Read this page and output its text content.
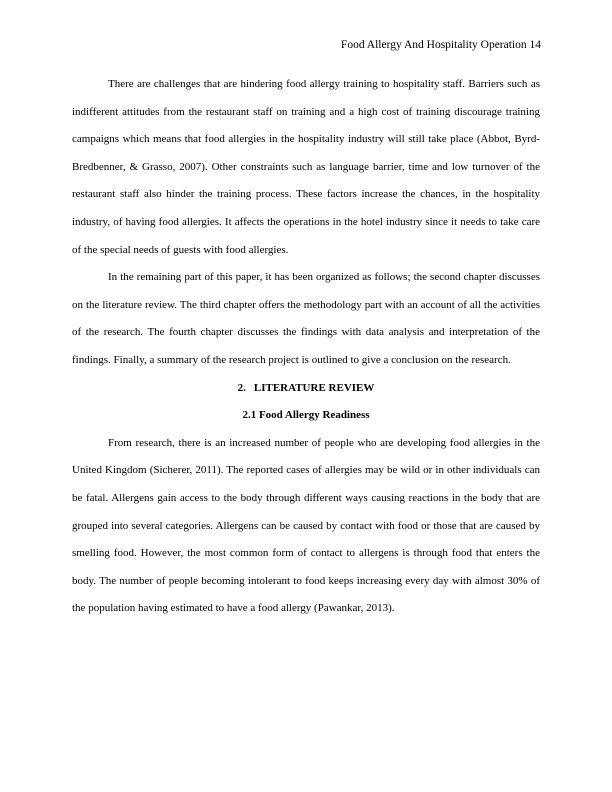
Food Allergy And Hospitality Operation 14

There are challenges that are hindering food allergy training to hospitality staff. Barriers such as indifferent attitudes from the restaurant staff on training and a high cost of training discourage training campaigns which means that food allergies in the hospitality industry will still take place (Abbot, Byrd-Bredbenner, & Grasso, 2007). Other constraints such as language barrier, time and low turnover of the restaurant staff also hinder the training process. These factors increase the chances, in the hospitality industry, of having food allergies. It affects the operations in the hotel industry since it needs to take care of the special needs of guests with food allergies.

In the remaining part of this paper, it has been organized as follows; the second chapter discusses on the literature review. The third chapter offers the methodology part with an account of all the activities of the research. The fourth chapter discusses the findings with data analysis and interpretation of the findings. Finally, a summary of the research project is outlined to give a conclusion on the research.

2. LITERATURE REVIEW
2.1 Food Allergy Readiness

From research, there is an increased number of people who are developing food allergies in the United Kingdom (Sicherer, 2011). The reported cases of allergies may be wild or in other individuals can be fatal. Allergens gain access to the body through different ways causing reactions in the body that are grouped into several categories. Allergens can be caused by contact with food or those that are caused by smelling food. However, the most common form of contact to allergens is through food that enters the body. The number of people becoming intolerant to food keeps increasing every day with almost 30% of the population having estimated to have a food allergy (Pawankar, 2013).
